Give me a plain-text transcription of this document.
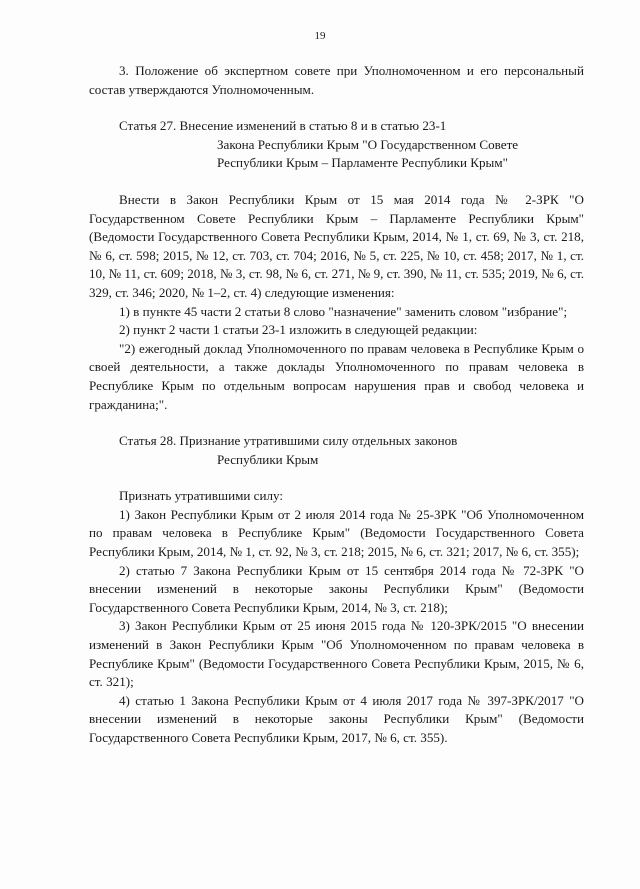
19

3. Положение об экспертном совете при Уполномоченном и его персональный состав утверждаются Уполномоченным.

Статья 27. Внесение изменений в статью 8 и в статью 23-1
Закона Республики Крым "О Государственном Совете
Республики Крым – Парламенте Республики Крым"

Внести в Закон Республики Крым от 15 мая 2014 года № 2-ЗРК "О Государственном Совете Республики Крым – Парламенте Республики Крым" (Ведомости Государственного Совета Республики Крым, 2014, № 1, ст. 69, № 3, ст. 218, № 6, ст. 598; 2015, № 12, ст. 703, ст. 704; 2016, № 5, ст. 225, № 10, ст. 458; 2017, № 1, ст. 10, № 11, ст. 609; 2018, № 3, ст. 98, № 6, ст. 271, № 9, ст. 390, № 11, ст. 535; 2019, № 6, ст. 329, ст. 346; 2020, № 1–2, ст. 4) следующие изменения:

1) в пункте 45 части 2 статьи 8 слово "назначение" заменить словом "избрание";

2) пункт 2 части 1 статьи 23-1 изложить в следующей редакции:

"2) ежегодный доклад Уполномоченного по правам человека в Республике Крым о своей деятельности, а также доклады Уполномоченного по правам человека в Республике Крым по отдельным вопросам нарушения прав и свобод человека и гражданина;".

Статья 28. Признание утратившими силу отдельных законов
Республики Крым

Признать утратившими силу:

1) Закон Республики Крым от 2 июля 2014 года № 25-ЗРК "Об Уполномоченном по правам человека в Республике Крым" (Ведомости Государственного Совета Республики Крым, 2014, № 1, ст. 92, № 3, ст. 218; 2015, № 6, ст. 321; 2017, № 6, ст. 355);

2) статью 7 Закона Республики Крым от 15 сентября 2014 года № 72-ЗРК "О внесении изменений в некоторые законы Республики Крым" (Ведомости Государственного Совета Республики Крым, 2014, № 3, ст. 218);

3) Закон Республики Крым от 25 июня 2015 года № 120-ЗРК/2015 "О внесении изменений в Закон Республики Крым "Об Уполномоченном по правам человека в Республике Крым" (Ведомости Государственного Совета Республики Крым, 2015, № 6, ст. 321);

4) статью 1 Закона Республики Крым от 4 июля 2017 года № 397-ЗРК/2017 "О внесении изменений в некоторые законы Республики Крым" (Ведомости Государственного Совета Республики Крым, 2017, № 6, ст. 355).
